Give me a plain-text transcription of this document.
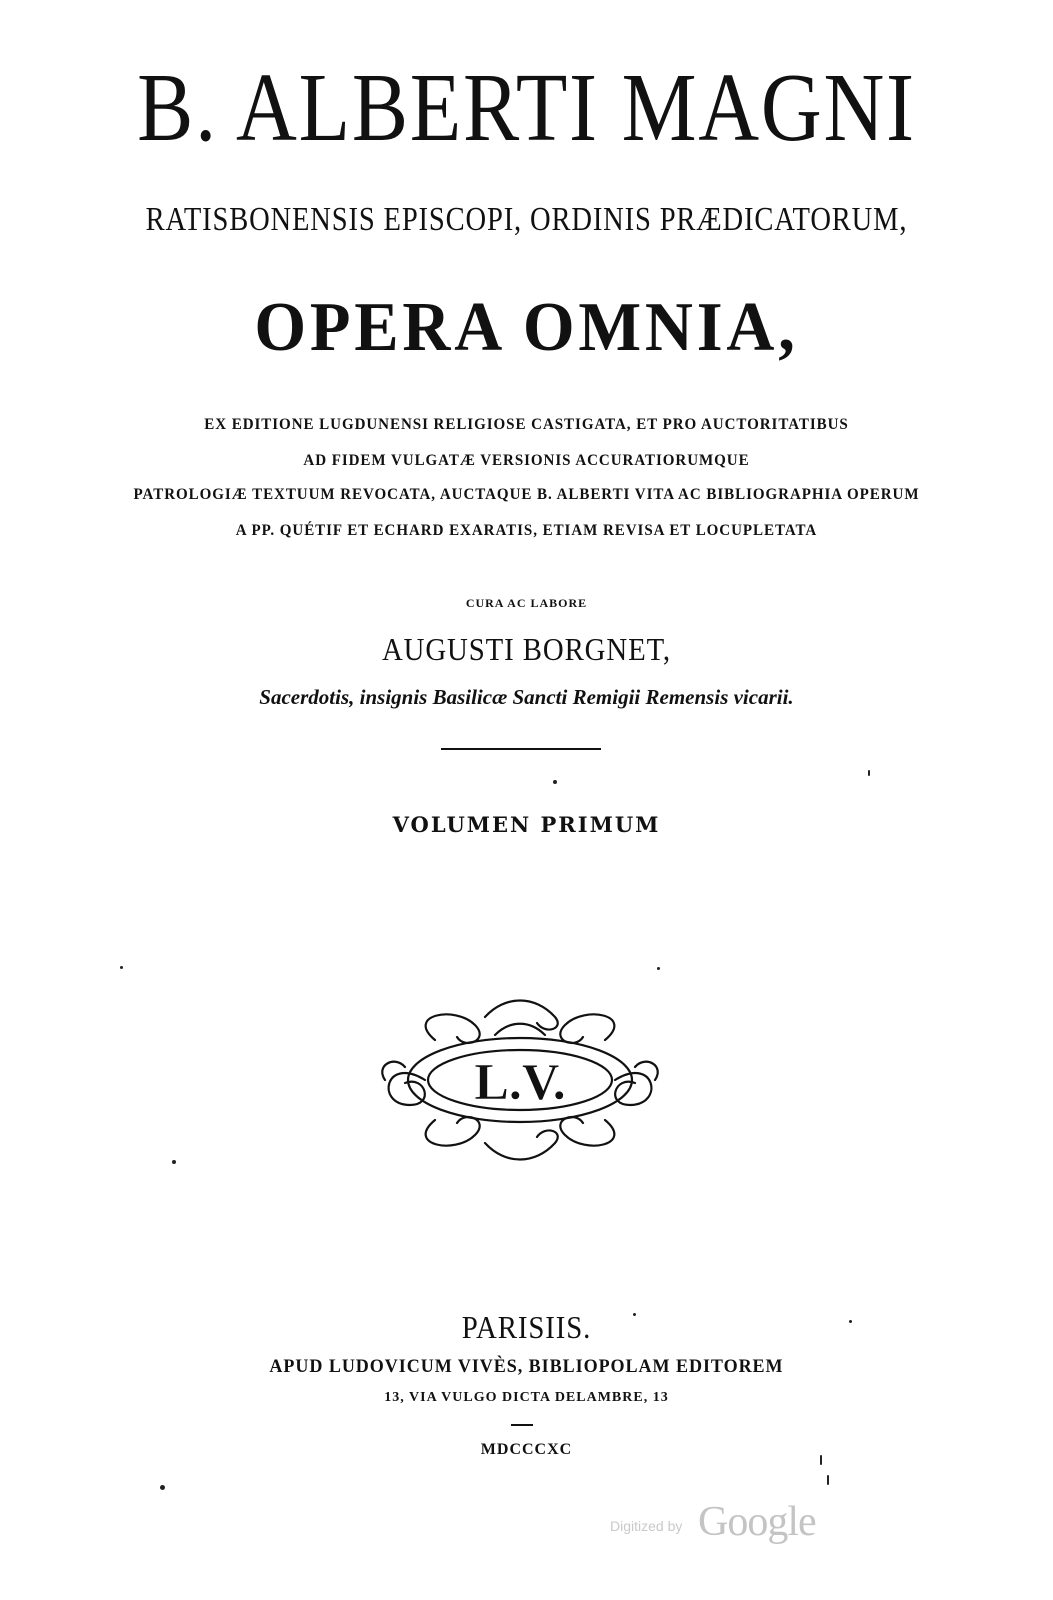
B. ALBERTI MAGNI
RATISBONENSIS EPISCOPI, ORDINIS PRÆDICATORUM,
OPERA OMNIA,
EX EDITIONE LUGDUNENSI RELIGIOSE CASTIGATA, ET PRO AUCTORITATIBUS
AD FIDEM VULGATÆ VERSIONIS ACCURATIORUMQUE
PATROLOGIÆ TEXTUUM REVOCATA, AUCTAQUE B. ALBERTI VITA AC BIBLIOGRAPHIA OPERUM
A PP. QUÉTIF ET ECHARD EXARATIS, ETIAM REVISA ET LOCUPLETATA
CURA AC LABORE
AUGUSTI BORGNET,
Sacerdotis, insignis Basilicæ Sancti Remigii Remensis vicarii.
VOLUMEN PRIMUM
L.V.
PARISIIS.
APUD LUDOVICUM VIVÈS, BIBLIOPOLAM EDITOREM
13, VIA VULGO DICTA DELAMBRE, 13
MDCCCXC
Digitized by Google
